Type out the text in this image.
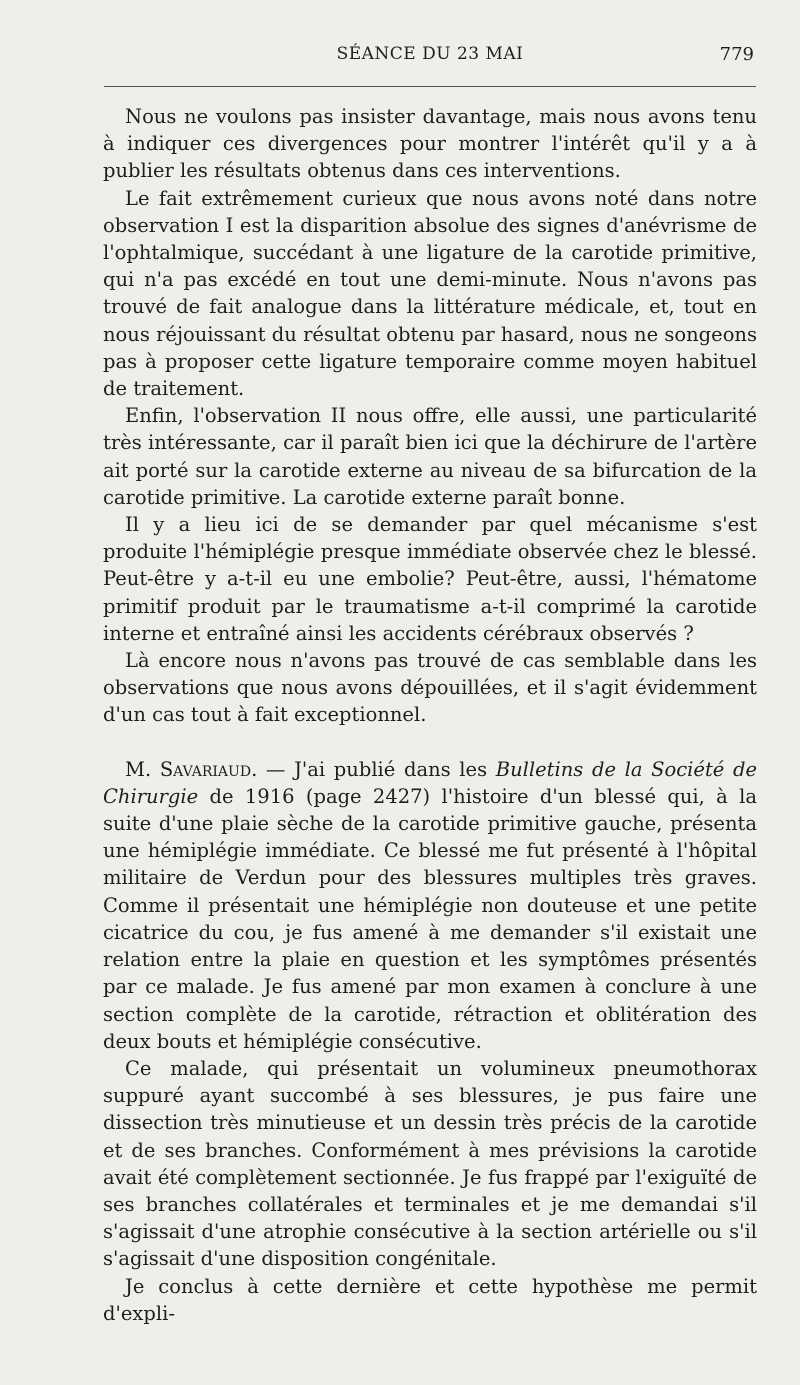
SÉANCE DU 23 MAI	779

Nous ne voulons pas insister davantage, mais nous avons tenu à indiquer ces divergences pour montrer l'intérêt qu'il y a à publier les résultats obtenus dans ces interventions.

Le fait extrêmement curieux que nous avons noté dans notre observation I est la disparition absolue des signes d'anévrisme de l'ophtalmique, succédant à une ligature de la carotide primitive, qui n'a pas excédé en tout une demi-minute. Nous n'avons pas trouvé de fait analogue dans la littérature médicale, et, tout en nous réjouissant du résultat obtenu par hasard, nous ne songeons pas à proposer cette ligature temporaire comme moyen habituel de traitement.

Enfin, l'observation II nous offre, elle aussi, une particularité très intéressante, car il paraît bien ici que la déchirure de l'artère ait porté sur la carotide externe au niveau de sa bifurcation de la carotide primitive. La carotide externe paraît bonne.

Il y a lieu ici de se demander par quel mécanisme s'est produite l'hémiplégie presque immédiate observée chez le blessé. Peut-être y a-t-il eu une embolie? Peut-être, aussi, l'hématome primitif produit par le traumatisme a-t-il comprimé la carotide interne et entraîné ainsi les accidents cérébraux observés ?

Là encore nous n'avons pas trouvé de cas semblable dans les observations que nous avons dépouillées, et il s'agit évidemment d'un cas tout à fait exceptionnel.

M. Savariaud. — J'ai publié dans les Bulletins de la Société de Chirurgie de 1916 (page 2427) l'histoire d'un blessé qui, à la suite d'une plaie sèche de la carotide primitive gauche, présenta une hémiplégie immédiate. Ce blessé me fut présenté à l'hôpital militaire de Verdun pour des blessures multiples très graves. Comme il présentait une hémiplégie non douteuse et une petite cicatrice du cou, je fus amené à me demander s'il existait une relation entre la plaie en question et les symptômes présentés par ce malade. Je fus amené par mon examen à conclure à une section complète de la carotide, rétraction et oblitération des deux bouts et hémiplégie consécutive.

Ce malade, qui présentait un volumineux pneumothorax suppuré ayant succombé à ses blessures, je pus faire une dissection très minutieuse et un dessin très précis de la carotide et de ses branches. Conformément à mes prévisions la carotide avait été complètement sectionnée. Je fus frappé par l'exiguïté de ses branches collatérales et terminales et je me demandai s'il s'agissait d'une atrophie consécutive à la section artérielle ou s'il s'agissait d'une disposition congénitale.

Je conclus à cette dernière et cette hypothèse me permit d'expli-
